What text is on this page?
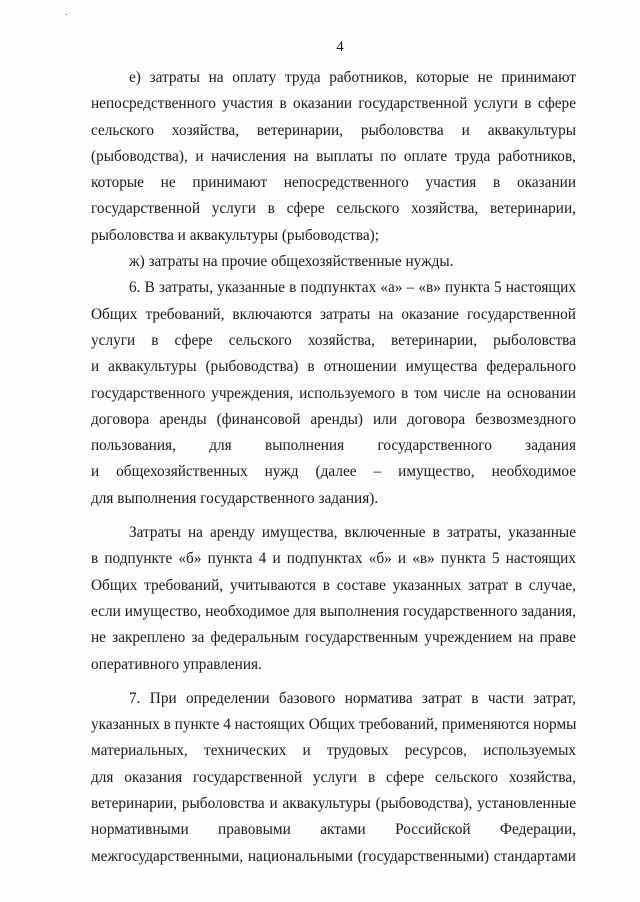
4
е) затраты на оплату труда работников, которые не принимают
непосредственного участия в оказании государственной услуги в сфере
сельского хозяйства, ветеринарии, рыболовства и аквакультуры
(рыбоводства), и начисления на выплаты по оплате труда работников,
которые не принимают непосредственного участия в оказании
государственной услуги в сфере сельского хозяйства, ветеринарии,
рыболовства и аквакультуры (рыбоводства);
ж) затраты на прочие общехозяйственные нужды.
6. В затраты, указанные в подпунктах «а» – «в» пункта 5 настоящих
Общих требований, включаются затраты на оказание государственной
услуги в сфере сельского хозяйства, ветеринарии, рыболовства
и аквакультуры (рыбоводства) в отношении имущества федерального
государственного учреждения, используемого в том числе на основании
договора аренды (финансовой аренды) или договора безвозмездного
пользования, для выполнения государственного задания
и общехозяйственных нужд (далее – имущество, необходимое
для выполнения государственного задания).
Затраты на аренду имущества, включенные в затраты, указанные
в подпункте «б» пункта 4 и подпунктах «б» и «в» пункта 5 настоящих
Общих требований, учитываются в составе указанных затрат в случае,
если имущество, необходимое для выполнения государственного задания,
не закреплено за федеральным государственным учреждением на праве
оперативного управления.
7. При определении базового норматива затрат в части затрат,
указанных в пункте 4 настоящих Общих требований, применяются нормы
материальных, технических и трудовых ресурсов, используемых
для оказания государственной услуги в сфере сельского хозяйства,
ветеринарии, рыболовства и аквакультуры (рыбоводства), установленные
нормативными правовыми актами Российской Федерации,
межгосударственными, национальными (государственными) стандартами
